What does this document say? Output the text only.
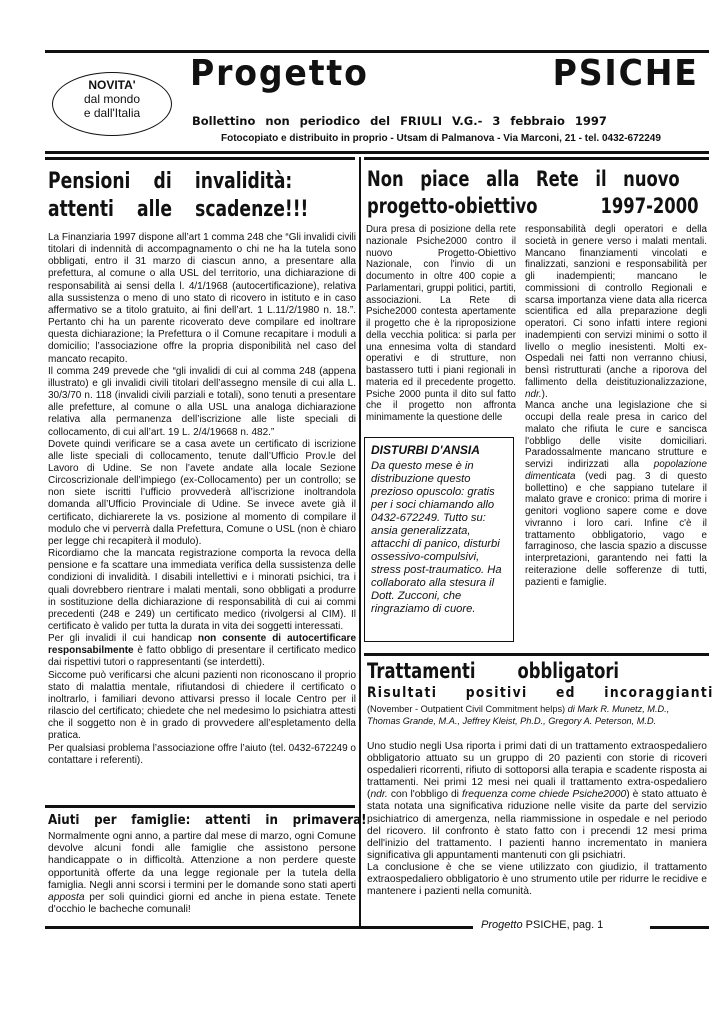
NOVITA'
dal mondo
e dall'Italia
Progetto	PSICHE
Bollettino non periodico del FRIULI V.G.- 3 febbraio 1997
Fotocopiato e distribuito in proprio - Utsam di Palmanova - Via Marconi, 21 - tel. 0432-672249
Pensioni di invalidità:
attenti alle scadenze!!!
La Finanziaria 1997 dispone all’art 1 comma 248 che “Gli invalidi civili titolari di indennità di accompagnamento o chi ne ha la tutela sono obbligati, entro il 31 marzo di ciascun anno, a presentare alla prefettura, al comune o alla USL del territorio, una dichiarazione di responsabilità ai sensi della l. 4/1/1968 (autocertificazione), relativa alla sussistenza o meno di uno stato di ricovero in istituto e in caso affermativo se a titolo gratuito, ai fini dell’art. 1 L.11/2/1980 n. 18.”. Pertanto chi ha un parente ricoverato deve compilare ed inoltrare questa dichiarazione; la Prefettura o il Comune recapitare i moduli a domicilio; l’associazione offre la propria disponibilità nel caso del mancato recapito.
Il comma 249 prevede che “gli invalidi di cui al comma 248 (appena illustrato) e gli invalidi civili titolari dell’assegno mensile di cui alla L. 30/3/70 n. 118 (invalidi civili parziali e totali), sono tenuti a presentare alle prefetture, al comune o alla USL una analoga dichiarazione relativa alla permanenza dell’iscrizione alle liste speciali di collocamento, di cui all’art. 19 L. 2/4/19668 n. 482.”
Dovete quindi verificare se a casa avete un certificato di iscrizione alle liste speciali di collocamento, tenute dall’Ufficio Prov.le del Lavoro di Udine. Se non l’avete andate alla locale Sezione Circoscrizionale dell’impiego (ex-Collocamento) per un controllo; se non siete iscritti l’ufficio provvederà all’iscrizione inoltrandola domanda all’Ufficio Provinciale di Udine. Se invece avete già il certificato, dichiarerete la vs. posizione al momento di compilare il modulo che vi perverrà dalla Prefettura, Comune o USL (non è chiaro per legge chi recapiterà il modulo).
Ricordiamo che la mancata registrazione comporta la revoca della pensione e fa scattare una immediata verifica della sussistenza delle condizioni di invalidità. I disabili intellettivi e i minorati psichici, tra i quali dovrebbero rientrare i malati mentali, sono obbligati a produrre in sostituzione della dichiarazione di responsabilità di cui ai commi precedenti (248 e 249) un certificato medico (rivolgersi al CIM). Il certificato è valido per tutta la durata in vita dei soggetti interessati.
Per gli invalidi il cui handicap non consente di autocertificare responsabilmente è fatto obbligo di presentare il certificato medico dai rispettivi tutori o rappresentanti (se interdetti).
Siccome può verificarsi che alcuni pazienti non riconoscano il proprio stato di malattia mentale, rifiutandosi di chiedere il certificato o inoltrarlo, i familiari devono attivarsi presso il locale Centro per il rilascio del certificato; chiedete che nel medesimo lo psichiatra attesti che il soggetto non è in grado di provvedere all’espletamento della pratica.
Per qualsiasi problema l’associazione offre l’aiuto (tel. 0432-672249 o contattare i referenti).
Aiuti per famiglie: attenti in primavera!
Normalmente ogni anno, a partire dal mese di marzo, ogni Comune devolve alcuni fondi alle famiglie che assistono persone handicappate o in difficoltà. Attenzione a non perdere queste opportunità offerte da una legge regionale per la tutela della famiglia. Negli anni scorsi i termini per le domande sono stati aperti apposta per soli quindici giorni ed anche in piena estate. Tenete d'occhio le bacheche comunali!
Non piace alla Rete il nuovo
progetto-obiettivo	1997-2000
Dura presa di posizione della rete nazionale Psiche2000 contro il nuovo Progetto-Obiettivo Nazionale, con l'invio di un documento in oltre 400 copie a Parlamentari, gruppi politici, partiti, associazioni. La Rete di Psiche2000 contesta apertamente il progetto che è la riproposizione della vecchia politica: si parla per una ennesima volta di standard operativi e di strutture, non bastassero tutti i piani regionali in materia ed il precedente progetto. Psiche 2000 punta il dito sul fatto che il progetto non affronta minimamente la questione delle
responsabilità degli operatori e della società in genere verso i malati mentali. Mancano finanziamenti vincolati e finalizzati, sanzioni e responsabilità per gli inadempienti; mancano le commissioni di controllo Regionali e scarsa importanza viene data alla ricerca scientifica ed alla preparazione degli operatori. Ci sono infatti intere regioni inadempienti con servizi minimi o sotto il livello o meglio inesistenti. Molti ex-Ospedali nei fatti non verranno chiusi, bensì ristrutturati (anche a riporova del fallimento della deistituzionalizzazione, ndr.).
Manca anche una legislazione che si occupi della reale presa in carico del malato che rifiuta le cure e sancisca l'obbligo delle visite domiciliari. Paradossalmente mancano strutture e servizi indirizzati alla popolazione dimenticata (vedi pag. 3 di questo bollettino) e che sappiano tutelare il malato grave e cronico: prima di morire i genitori vogliono sapere come e dove vivranno i loro cari. Infine c'è il trattamento obbligatorio, vago e farraginoso, che lascia spazio a discusse interpretazioni, garantendo nei fatti la reiterazione delle sofferenze di tutti, pazienti e famiglie.
DISTURBI D'ANSIA
Da questo mese è in distribuzione questo prezioso opuscolo: gratis per i soci chiamando allo 0432-672249. Tutto su: ansia generalizzata, attacchi di panico, disturbi ossessivo-compulsivi, stress post-traumatico. Ha collaborato alla stesura il Dott. Zucconi, che ringraziamo di cuore.
Trattamenti obbligatori
Risultati positivi ed incoraggianti
(November - Outpatient Civil Commitment helps) di Mark R. Munetz, M.D.,
Thomas Grande, M.A., Jeffrey Kleist, Ph.D., Gregory A. Peterson, M.D.
Uno studio negli Usa riporta i primi dati di un trattamento extraospedaliero obbligatorio attuato su un gruppo di 20 pazienti con storie di ricoveri ospedalieri ricorrenti, rifiuto di sottoporsi alla terapia e scadente risposta ai trattamenti. Nei primi 12 mesi nei quali il trattamento extra-ospedaliero (ndr. con l'obbligo di frequenza come chiede Psiche2000) è stato attuato è stata notata una significativa riduzione nelle visite da parte del servizio psichiatrico di amergenza, nella riammissione in ospedale e nel periodo del ricovero. Iil confronto è stato fatto con i precendi 12 mesi prima dell'inizio del trattamento. I pazienti hanno incrementato in maniera significativa gli appuntamenti mantenuti con gli psichiatri.
La conclusione è che se viene utilizzato con giudizio, il trattamento extraospedaliero obbligatorio è uno strumento utile per ridurre le recidive e mantenere i pazienti nella comunità.
Progetto PSICHE, pag. 1
